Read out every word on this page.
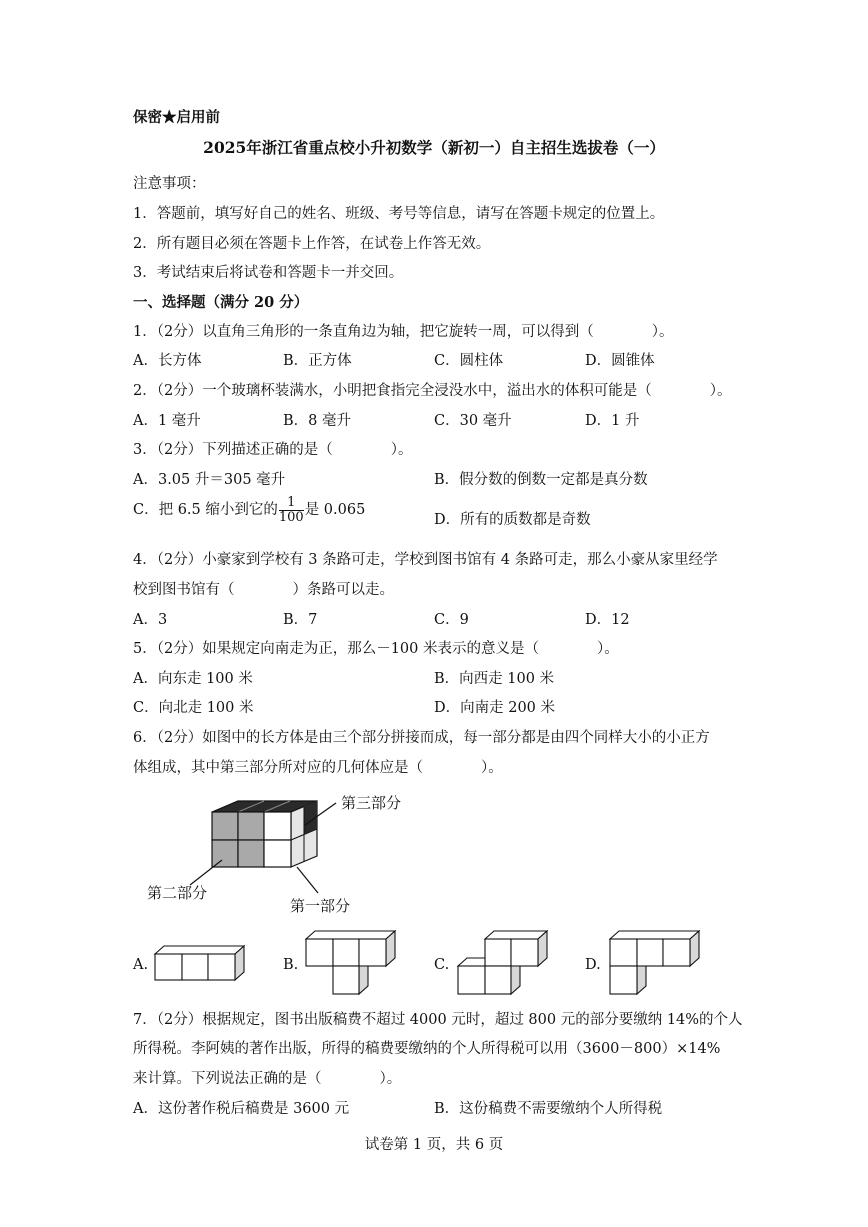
保密★启用前
2025年浙江省重点校小升初数学（新初一）自主招生选拔卷（一）
注意事项：
1．答题前，填写好自己的姓名、班级、考号等信息，请写在答题卡规定的位置上。
2．所有题目必须在答题卡上作答，在试卷上作答无效。
3．考试结束后将试卷和答题卡一并交回。
一、选择题（满分 20 分）
1．（2分）以直角三角形的一条直角边为轴，把它旋转一周，可以得到（　　　　）。
A．长方体	B．正方体	C．圆柱体	D．圆锥体
2．（2分）一个玻璃杯装满水，小明把食指完全浸没水中，溢出水的体积可能是（　　　　）。
A．1 毫升	B．8 毫升	C．30 毫升	D．1 升
3．（2分）下列描述正确的是（　　　　）。
A．3.05 升＝305 毫升	B．假分数的倒数一定都是真分数
C．把 6.5 缩小到它的 $\frac{1}{100}$ 是 0.065
D．所有的质数都是奇数
4．（2分）小豪家到学校有 3 条路可走，学校到图书馆有 4 条路可走，那么小豪从家里经学
校到图书馆有（　　　　）条路可以走。
A．3	B．7	C．9	D．12
5．（2分）如果规定向南走为正，那么－100 米表示的意义是（　　　　）。
A．向东走 100 米	B．向西走 100 米
C．向北走 100 米	D．向南走 200 米
6．（2分）如图中的长方体是由三个部分拼接而成，每一部分都是由四个同样大小的小正方
体组成，其中第三部分所对应的几何体应是（　　　　）。
第三部分
第二部分
第一部分
A.	B.	C.	D.
7．（2分）根据规定，图书出版稿费不超过 4000 元时，超过 800 元的部分要缴纳 14%的个人
所得税。李阿姨的著作出版，所得的稿费要缴纳的个人所得税可以用（3600－800）×14%
来计算。下列说法正确的是（　　　　）。
A．这份著作税后稿费是 3600 元	B．这份稿费不需要缴纳个人所得税
试卷第 1 页，共 6 页
